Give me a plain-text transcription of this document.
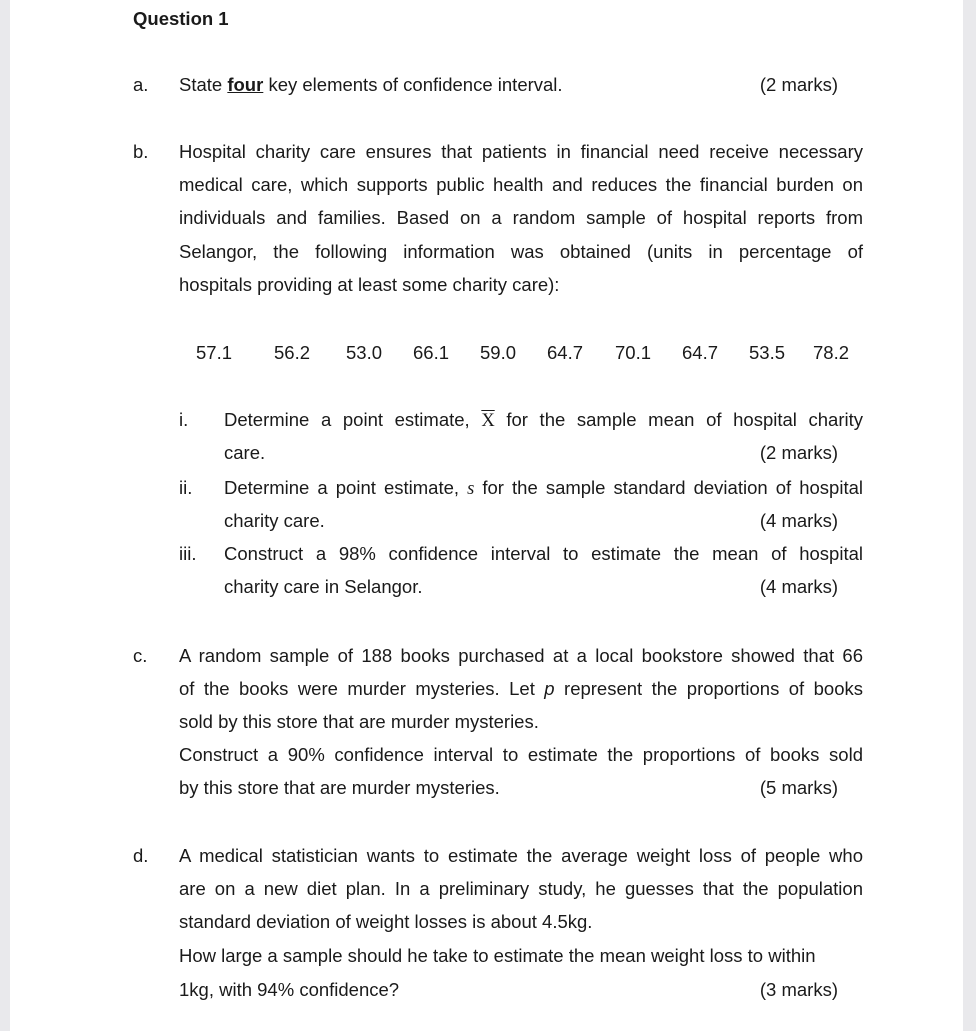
Question 1
a. State four key elements of confidence interval.	(2 marks)
b. Hospital charity care ensures that patients in financial need receive necessary
medical care, which supports public health and reduces the financial burden on
individuals and families. Based on a random sample of hospital reports from
Selangor, the following information was obtained (units in percentage of
hospitals providing at least some charity care):
57.1 56.2 53.0 66.1 59.0 64.7 70.1 64.7 53.5 78.2
i. Determine a point estimate, $\overline{X}$ for the sample mean of hospital charity
care.	(2 marks)
ii. Determine a point estimate, s for the sample standard deviation of hospital
charity care.	(4 marks)
iii. Construct a 98% confidence interval to estimate the mean of hospital
charity care in Selangor.	(4 marks)
c. A random sample of 188 books purchased at a local bookstore showed that 66
of the books were murder mysteries. Let p represent the proportions of books
sold by this store that are murder mysteries.
Construct a 90% confidence interval to estimate the proportions of books sold
by this store that are murder mysteries.	(5 marks)
d. A medical statistician wants to estimate the average weight loss of people who
are on a new diet plan. In a preliminary study, he guesses that the population
standard deviation of weight losses is about 4.5kg.
How large a sample should he take to estimate the mean weight loss to within
1kg, with 94% confidence?	(3 marks)
